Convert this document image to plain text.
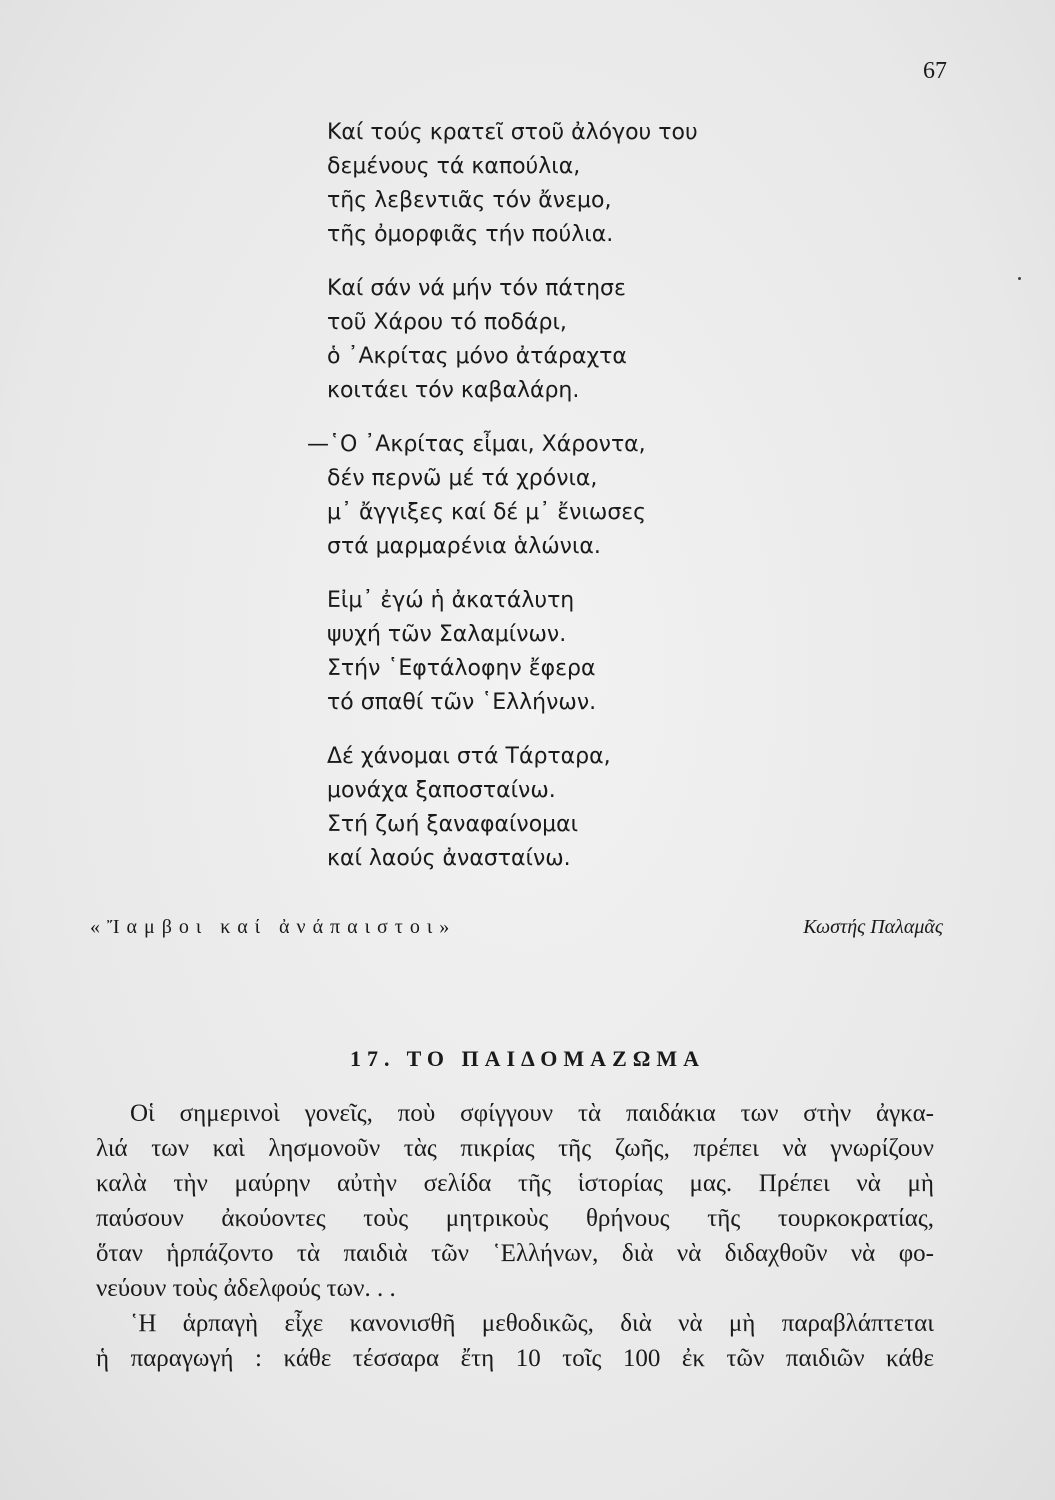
67
Καί τούς κρατεῖ στοῦ ἀλόγου του
δεμένους τά καπούλια,
τῆς λεβεντιᾶς τόν ἄνεμο,
τῆς ὀμορφιᾶς τήν πούλια.
Καί σάν νά μήν τόν πάτησε
τοῦ Χάρου τό ποδάρι,
ὁ ᾿Ακρίτας μόνο ἀτάραχτα
κοιτάει τόν καβαλάρη.
—῾Ο ᾿Ακρίτας εἶμαι, Χάροντα,
δέν περνῶ μέ τά χρόνια,
μ᾿ ἄγγιξες καί δέ μ᾿ ἔνιωσες
στά μαρμαρένια ἁλώνια.
Εἰμ᾿ ἐγώ ἡ ἀκατάλυτη
ψυχή τῶν Σαλαμίνων.
Στήν ῾Εφτάλοφην ἔφερα
τό σπαθί τῶν ῾Ελλήνων.
Δέ χάνομαι στά Τάρταρα,
μονάχα ξαποσταίνω.
Στή ζωή ξαναφαίνομαι
καί λαούς ἀνασταίνω.
«Ἴαμβοι καί ἀνάπαιστοι»	Κωστής Παλαμᾶς
17. ΤΟ ΠΑΙΔΟΜΑΖΩΜΑ

Οἱ σημερινοὶ γονεῖς, ποὺ σφίγγουν τὰ παιδάκια των στὴν ἀγκα-
λιά των καὶ λησμονοῦν τὰς πικρίας τῆς ζωῆς, πρέπει νὰ γνωρίζουν
καλὰ τὴν μαύρην αὐτὴν σελίδα τῆς ἱστορίας μας. Πρέπει νὰ μὴ
παύσουν ἀκούοντες τοὺς μητρικοὺς θρήνους τῆς τουρκοκρατίας,
ὅταν ἡρπάζοντο τὰ παιδιὰ τῶν ῾Ελλήνων, διὰ νὰ διδαχθοῦν νὰ φο-
νεύουν τοὺς ἀδελφούς των. . .

῾Η ἁρπαγὴ εἶχε κανονισθῆ μεθοδικῶς, διὰ νὰ μὴ παραβλάπτεται
ἡ παραγωγή : κάθε τέσσαρα ἔτη 10 τοῖς 100 ἐκ τῶν παιδιῶν κάθε
